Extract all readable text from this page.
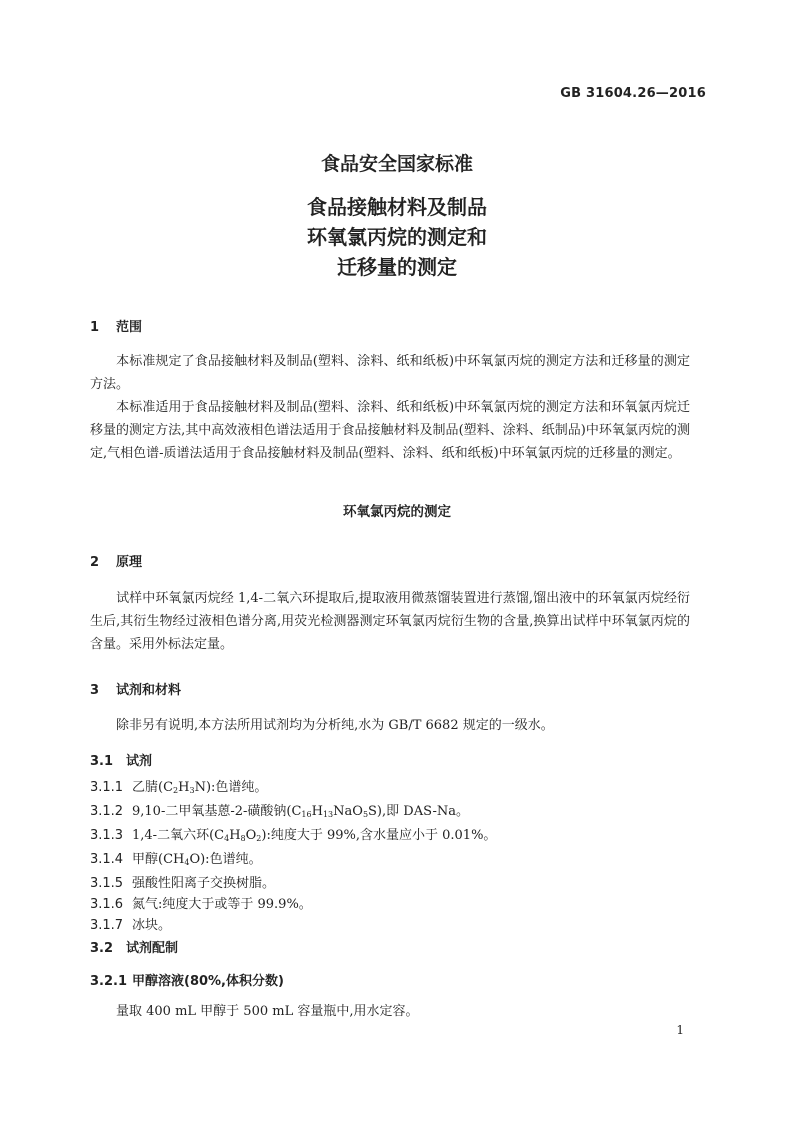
GB 31604.26—2016
食品安全国家标准
食品接触材料及制品
环氧氯丙烷的测定和
迁移量的测定
1 范围
本标准规定了食品接触材料及制品(塑料、涂料、纸和纸板)中环氧氯丙烷的测定方法和迁移量的测定方法。
本标准适用于食品接触材料及制品(塑料、涂料、纸和纸板)中环氧氯丙烷的测定方法和环氧氯丙烷迁移量的测定方法,其中高效液相色谱法适用于食品接触材料及制品(塑料、涂料、纸制品)中环氧氯丙烷的测定,气相色谱-质谱法适用于食品接触材料及制品(塑料、涂料、纸和纸板)中环氧氯丙烷的迁移量的测定。
环氧氯丙烷的测定
2 原理
试样中环氧氯丙烷经 1,4-二氧六环提取后,提取液用微蒸馏装置进行蒸馏,馏出液中的环氧氯丙烷经衍生后,其衍生物经过液相色谱分离,用荧光检测器测定环氧氯丙烷衍生物的含量,换算出试样中环氧氯丙烷的含量。采用外标法定量。
3 试剂和材料
除非另有说明,本方法所用试剂均为分析纯,水为 GB/T 6682 规定的一级水。
3.1 试剂
3.1.1 乙腈$(C_2H_3N)$:色谱纯。
3.1.2 9,10-二甲氧基蒽-2-磺酸钠$(C_{16}H_{13}NaO_5S)$,即 DAS-Na。
3.1.3 1,4-二氧六环$(C_4H_8O_2)$:纯度大于 99%,含水量应小于 0.01%。
3.1.4 甲醇$(CH_4O)$:色谱纯。
3.1.5 强酸性阳离子交换树脂。
3.1.6 氮气:纯度大于或等于 99.9%。
3.1.7 冰块。
3.2 试剂配制
3.2.1 甲醇溶液(80%,体积分数)
量取 400 mL 甲醇于 500 mL 容量瓶中,用水定容。
1
